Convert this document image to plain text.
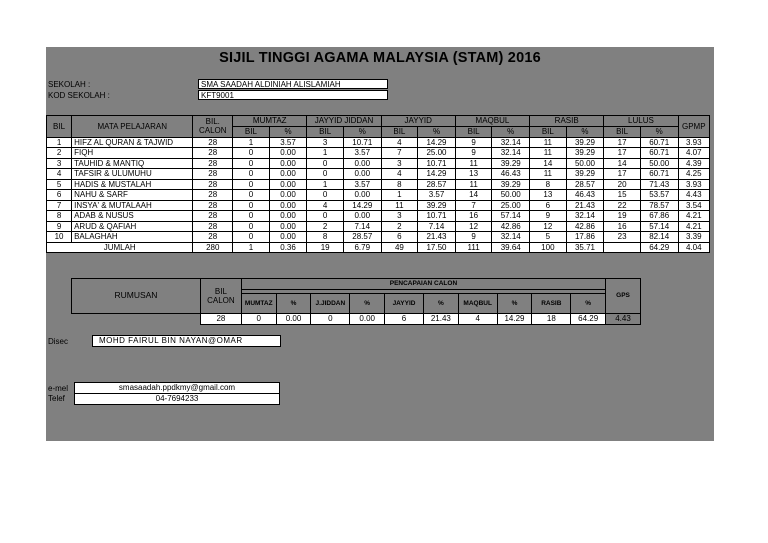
SIJIL TINGGI AGAMA MALAYSIA (STAM) 2016
SEKOLAH :	SMA SAADAH ALDINIAH ALISLAMIAH
KOD SEKOLAH :	KFT9001
BIL	MATA PELAJARAN	BIL. CALON	MUMTAZ		JAYYID JIDDAN		JAYYID		MAQBUL		RASIB		LULUS		GPMP
			BIL	%	BIL	%	BIL	%	BIL	%	BIL	%	BIL	%	
1	HIFZ AL QURAN & TAJWID	28	1	3.57	3	10.71	4	14.29	9	32.14	11	39.29	17	60.71	3.93
2	FIQH	28	0	0.00	1	3.57	7	25.00	9	32.14	11	39.29	17	60.71	4.07
3	TAUHID & MANTIQ	28	0	0.00	0	0.00	3	10.71	11	39.29	14	50.00	14	50.00	4.39
4	TAFSIR & ULUMUHU	28	0	0.00	0	0.00	4	14.29	13	46.43	11	39.29	17	60.71	4.25
5	HADIS & MUSTALAH	28	0	0.00	1	3.57	8	28.57	11	39.29	8	28.57	20	71.43	3.93
6	NAHU & SARF	28	0	0.00	0	0.00	1	3.57	14	50.00	13	46.43	15	53.57	4.43
7	INSYA' & MUTALAAH	28	0	0.00	4	14.29	11	39.29	7	25.00	6	21.43	22	78.57	3.54
8	ADAB & NUSUS	28	0	0.00	0	0.00	3	10.71	16	57.14	9	32.14	19	67.86	4.21
9	ARUD & QAFIAH	28	0	0.00	2	7.14	2	7.14	12	42.86	12	42.86	16	57.14	4.21
10	BALAGHAH	28	0	0.00	8	28.57	6	21.43	9	32.14	5	17.86	23	82.14	3.39
JUMLAH		280	1	0.36	19	6.79	49	17.50	111	39.64	100	35.71		64.29	4.04
RUMUSAN	BIL CALON	PENCAPAIAN CALON										GPS

		MUMTAZ	%	J.JIDDAN	%	JAYYID	%	MAQBUL	%	RASIB	%	
	28	0	0.00	0	0.00	6	21.43	4	14.29	18	64.29	4.43
Disec	MOHD FAIRUL BIN NAYAN@OMAR
e-mel	smasaadah.ppdkmy@gmail.com
Telef	04-7694233
